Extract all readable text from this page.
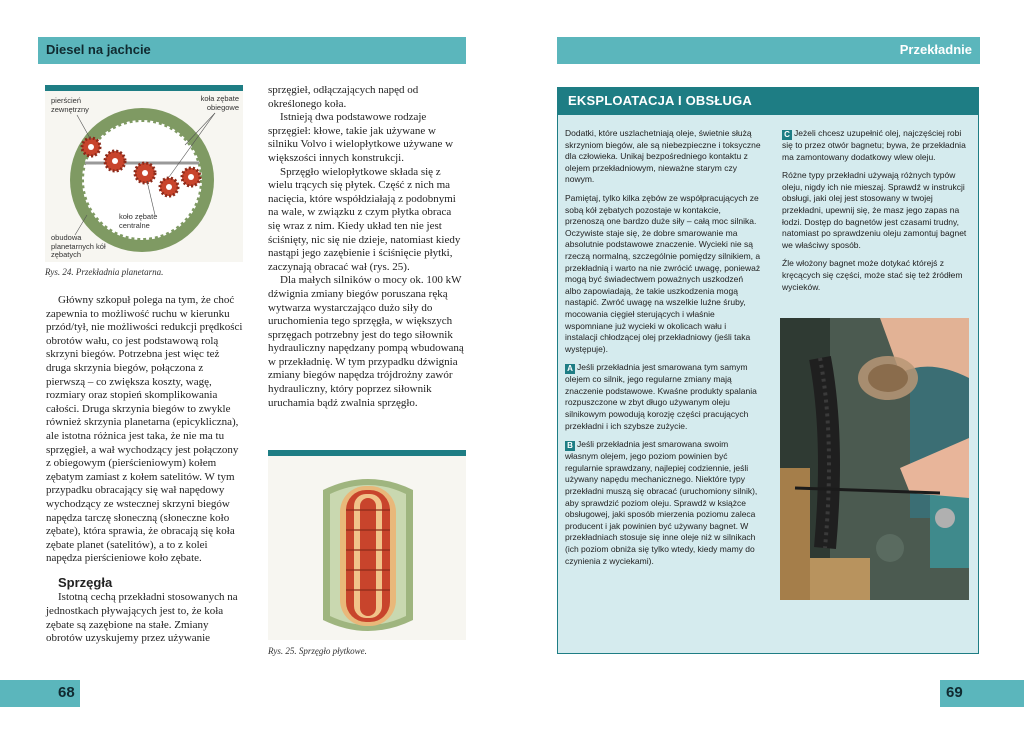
Diesel na jachcie
pierścień
zewnętrzny
koła zębate
obiegowe
koło zębate
centralne
obudowa
planetarnych kół
zębatych
Rys. 24. Przekładnia planetarna.

Główny szkopuł polega na tym, że choć zapewnia to możliwość ruchu w kierunku przód/tył, nie możliwości redukcji prędkości obrotów wału, co jest podstawową rolą skrzyni biegów. Potrzebna jest więc też druga skrzynia biegów, połączona z pierwszą – co zwiększa koszty, wagę, rozmiary oraz stopień skomplikowania całości. Druga skrzynia biegów to zwykle również skrzynia planetarna (epicykliczna), ale istotna różnica jest taka, że nie ma tu sprzęgieł, a wał wychodzący jest połączony z obiegowym (pierścieniowym) kołem zębatym zamiast z kołem satelitów. W tym przypadku obracający się wał napędowy wychodzący ze wstecznej skrzyni biegów napędza tarczę słoneczną (słoneczne koło zębate), która sprawia, że obracają się koła zębate planet (satelitów), a to z kolei napędza pierścieniowe koło zębate.

Sprzęgła

Istotną cechą przekładni stosowanych na jednostkach pływających jest to, że koła zębate są zazębione na stałe. Zmiany obrotów uzyskujemy przez używanie

sprzęgieł, odłączających napęd od określonego koła.

Istnieją dwa podstawowe rodzaje sprzęgieł: kłowe, takie jak używane w silniku Volvo i wielopłytkowe używane w większości innych konstrukcji.

Sprzęgło wielopłytkowe składa się z wielu trących się płytek. Część z nich ma nacięcia, które współdziałają z podobnymi na wale, w związku z czym płytka obraca się wraz z nim. Kiedy układ ten nie jest ściśnięty, nic się nie dzieje, natomiast kiedy nastąpi jego zazębienie i ściśnięcie płytki, zaczynają obracać wał (rys. 25).

Dla małych silników o mocy ok. 100 kW dźwignia zmiany biegów poruszana ręką wytwarza wystarczająco dużo siły do uruchomienia tego sprzęgła, w większych sprzęgach potrzebny jest do tego siłownik hydrauliczny napędzany pompą wbudowaną w przekładnię. W tym przypadku dźwignia zmiany biegów napędza trójdrożny zawór hydrauliczny, który poprzez siłownik uruchamia bądź zwalnia sprzęgło.

Rys. 25. Sprzęgło płytkowe.
68
Przekładnie
EKSPLOATACJA I OBSŁUGA

Dodatki, które uszlachetniają oleje, świetnie służą skrzyniom biegów, ale są niebezpieczne i toksyczne dla człowieka. Unikaj bezpośredniego kontaktu z olejem przekładniowym, nieważne starym czy nowym.

Pamiętaj, tylko kilka zębów ze współpracujących ze sobą kół zębatych pozostaje w kontakcie, przenoszą one bardzo duże siły – całą moc silnika. Oczywiste staje się, że dobre smarowanie ma absolutnie podstawowe znaczenie. Wycieki nie są rzeczą normalną, szczególnie pomiędzy silnikiem, a przekładnią i warto na nie zwrócić uwagę, ponieważ mogą być świadectwem poważnych uszkodzeń albo zapowiadają, że takie uszkodzenia mogą nastąpić. Zwróć uwagę na wszelkie luźne śruby, mocowania cięgieł sterujących i właśnie wspomniane już wycieki w okolicach wału i instalacji chłodzącej olej przekładniowy (jeśli taka występuje).

A Jeśli przekładnia jest smarowana tym samym olejem co silnik, jego regularne zmiany mają znaczenie podstawowe. Kwaśne produkty spalania rozpuszczone w zbyt długo używanym oleju silnikowym powodują korozję części pracujących przekładni i ich szybsze zużycie.

B Jeśli przekładnia jest smarowana swoim własnym olejem, jego poziom powinien być regularnie sprawdzany, najlepiej codziennie, jeśli używany napędu mechanicznego. Niektóre typy przekładni muszą się obracać (uruchomiony silnik), aby sprawdzić poziom oleju. Sprawdź w książce obsługowej, jaki sposób mierzenia poziomu zaleca producent i jak powinien być używany bagnet. W przekładniach stosuje się inne oleje niż w silnikach (ich poziom obniża się tylko wtedy, kiedy mamy do czynienia z wyciekami).

C Jeżeli chcesz uzupełnić olej, najczęściej robi się to przez otwór bagnetu; bywa, że przekładnia ma zamontowany dodatkowy wlew oleju.

Różne typy przekładni używają różnych typów oleju, nigdy ich nie mieszaj. Sprawdź w instrukcji obsługi, jaki olej jest stosowany w twojej przekładni, upewnij się, że masz jego zapas na łodzi. Dostęp do bagnetów jest czasami trudny, natomiast po sprawdzeniu oleju zamontuj bagnet we właściwy sposób.

Źle włożony bagnet może dotykać którejś z kręcących się części, może stać się też źródłem wycieków.

69
